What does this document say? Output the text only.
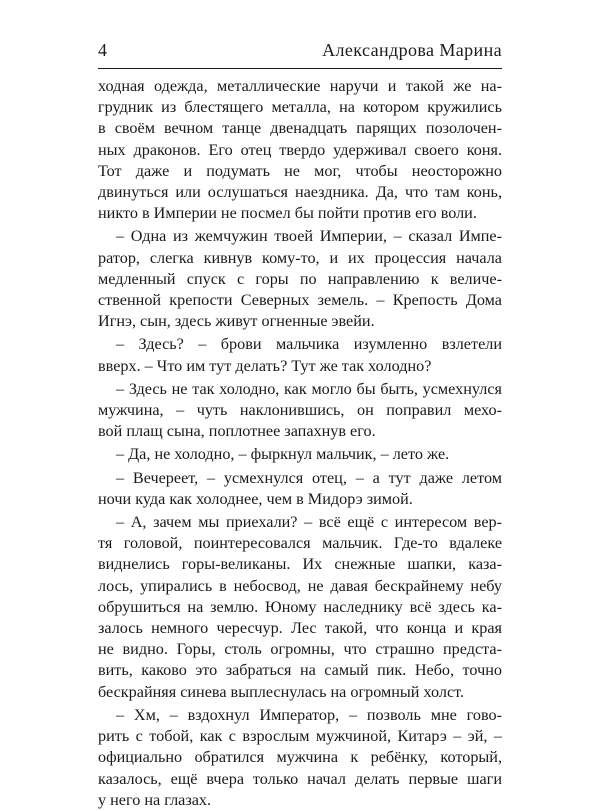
4	Александрова Марина
ходная одежда, металлические наручи и такой же на-
грудник из блестящего металла, на котором кружились
в своём вечном танце двенадцать парящих позолочен-
ных драконов. Его отец твердо удерживал своего коня.
Тот даже и подумать не мог, чтобы неосторожно
двинуться или ослушаться наездника. Да, что там конь,
никто в Империи не посмел бы пойти против его воли.
– Одна из жемчужин твоей Империи, – сказал Импе-
ратор, слегка кивнув кому-то, и их процессия начала
медленный спуск с горы по направлению к величе-
ственной крепости Северных земель. – Крепость Дома
Игнэ, сын, здесь живут огненные эвейи.
– Здесь? – брови мальчика изумленно взлетели
вверх. – Что им тут делать? Тут же так холодно?
– Здесь не так холодно, как могло бы быть, усмехнулся
мужчина, – чуть наклонившись, он поправил мехо-
вой плащ сына, поплотнее запахнув его.
– Да, не холодно, – фыркнул мальчик, – лето же.
– Вечереет, – усмехнулся отец, – а тут даже летом
ночи куда как холоднее, чем в Мидорэ зимой.
– А, зачем мы приехали? – всё ещё с интересом вер-
тя головой, поинтересовался мальчик. Где-то вдалеке
виднелись горы-великаны. Их снежные шапки, каза-
лось, упирались в небосвод, не давая бескрайнему небу
обрушиться на землю. Юному наследнику всё здесь ка-
залось немного чересчур. Лес такой, что конца и края
не видно. Горы, столь огромны, что страшно предста-
вить, каково это забраться на самый пик. Небо, точно
бескрайняя синева выплеснулась на огромный холст.
– Хм, – вздохнул Император, – позволь мне гово-
рить с тобой, как с взрослым мужчиной, Китарэ – эй, –
официально обратился мужчина к ребёнку, который,
казалось, ещё вчера только начал делать первые шаги
у него на глазах.
